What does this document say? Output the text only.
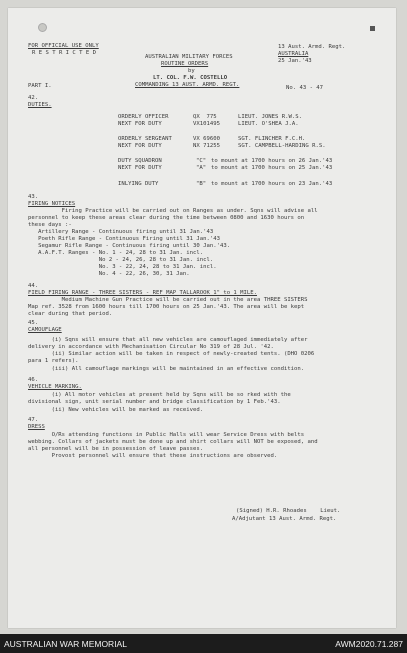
FOR OFFICIAL USE ONLY
R E S T R I C T E D
AUSTRALIAN MILITARY FORCES
ROUTINE ORDERS
by
LT. COL. F.W. COSTELLO
COMMANDING 13 AUST. ARMD. REGT.
13 Aust. Armd. Regt.
AUSTRALIA
25 Jan.'43
PART I.	No. 43 - 47
42.
DUTIES.
ORDERLY OFFICER	QX  775	LIEUT. JONES R.W.S.
NEXT FOR DUTY	VX101495	LIEUT. O'SHEA J.A.
ORDERLY SERGEANT	VX 69600	SGT. FLINCHER F.C.H.
NEXT FOR DUTY	NX 71255	SGT. CAMPBELL-HARDING R.S.
DUTY SQUADRON	"C" to mount at 1700 hours on 26 Jan.'43
NEXT FOR DUTY	"A" to mount at 1700 hours on 25 Jan.'43
INLYING DUTY	"B" to mount at 1700 hours on 23 Jan.'43
43.
FIRING NOTICES
Firing Practice will be carried out on Ranges as under. Sqns will advise all
personnel to keep these areas clear during the time between 0800 and 1630 hours on
these days :-
Artillery Range - Continuous firing until 31 Jan.'43
Poeth Rifle Range - Continuous Firing until 31 Jan.'43
Segamur Rifle Range - Continuous firing until 30 Jan.'43.
A.A.F.T. Ranges - No. 1 - 24, 28 to 31 Jan. incl.
No 2 - 24, 26, 28 to 31 Jan. incl.
No. 3 - 22, 24, 28 to 31 Jan. incl.
No. 4 - 22, 26, 30, 31 Jan.
44.
FIELD FIRING RANGE - THREE SISTERS - REF MAP TALLAROOK 1" to 1 MILE.
Medium Machine Gun Practice will be carried out in the area THREE SISTERS
Map ref. 3528 from 1600 hours till 1700 hours on 25 Jan.'43. The area will be kept
clear during that period.
45.
CAMOUFLAGE
(i) Sqns will ensure that all new vehicles are camouflaged immediately after
delivery in accordance with Mechanisation Circular No 319 of 28 Jul. '42.
(ii) Similar action will be taken in respect of newly-created tents. (DHO 0206
para 1 refers).
(iii) All camouflage markings will be maintained in an effective condition.
46.
VEHICLE MARKING.
(i) All motor vehicles at present held by Sqns will be so rked with the
divisional sign, unit serial number and bridge classification by 1 Feb.'43.
(ii) New vehicles will be marked as received.
47.
DRESS
O/Rs attending functions in Public Halls will wear Service Dress with belts
webbing. Collars of jackets must be done up and shirt collars will NOT be exposed, and
all personnel will be in possession of leave passes.
Provost personnel will ensure that these instructions are observed.
(Signed) H.R. Rhoades    Lieut.
A/Adjutant 13 Aust. Armd. Regt.
AUSTRALIAN WAR MEMORIAL	AWM2020.71.287
